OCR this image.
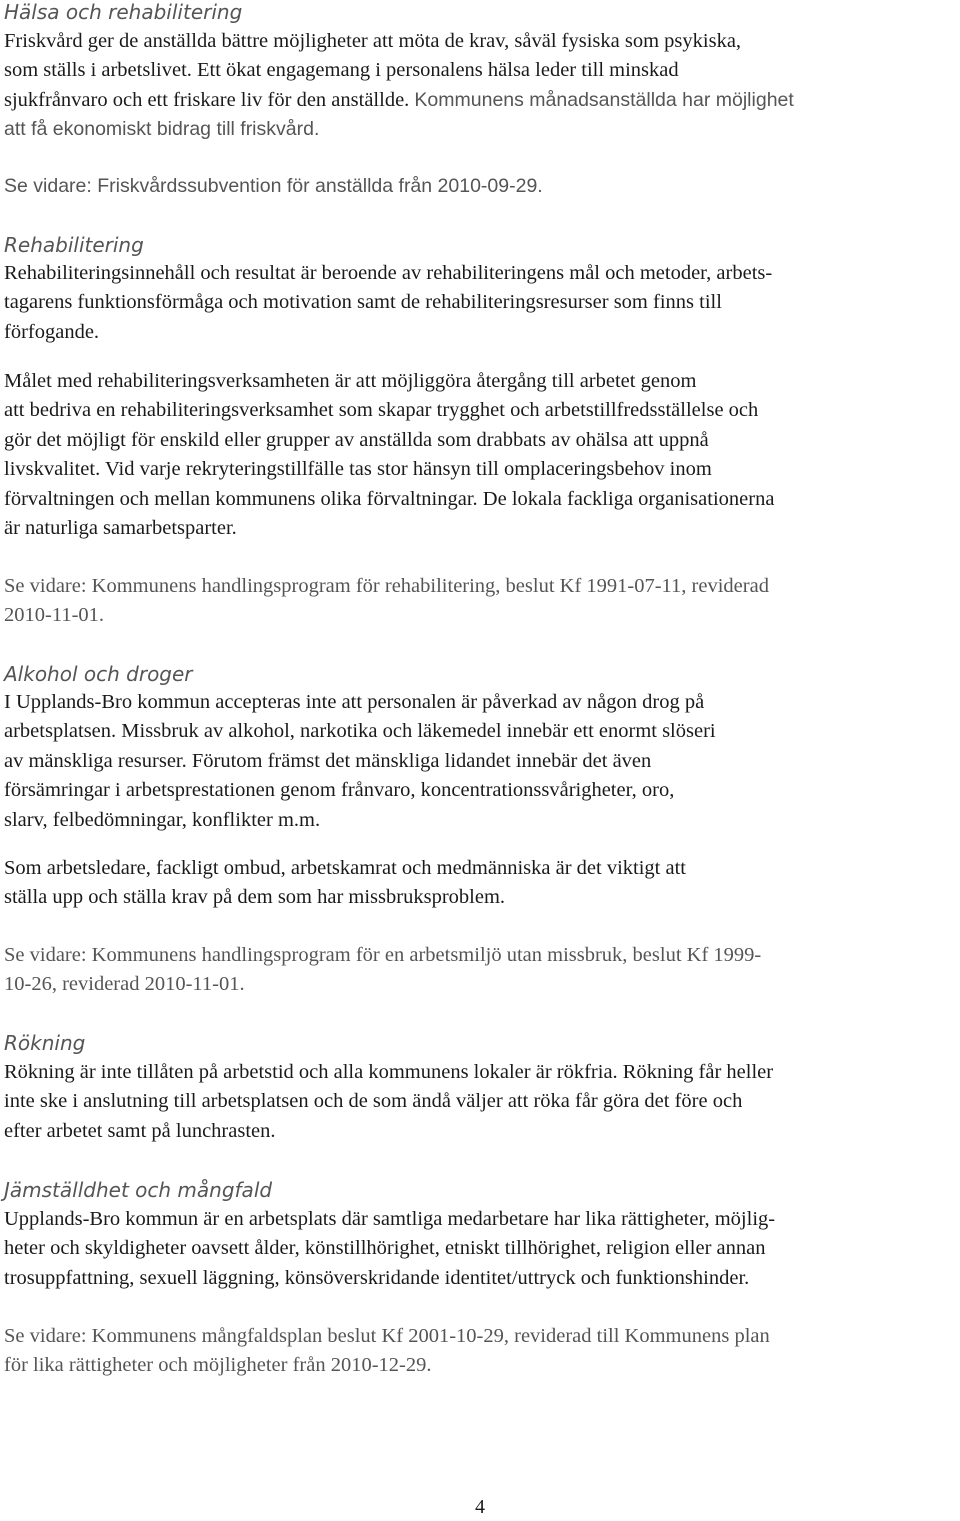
Hälsa och rehabilitering
Friskvård ger de anställda bättre möjligheter att möta de krav, såväl fysiska som psykiska,
som ställs i arbetslivet. Ett ökat engagemang i personalens hälsa leder till minskad
sjukfrånvaro och ett friskare liv för den anställde. Kommunens månadsanställda har möjlighet
att få ekonomiskt bidrag till friskvård.

Se vidare: Friskvårdssubvention för anställda från 2010-09-29.

Rehabilitering
Rehabiliteringsinnehåll och resultat är beroende av rehabiliteringens mål och metoder, arbets-
tagarens funktionsförmåga och motivation samt de rehabiliteringsresurser som finns till
förfogande.
Målet med rehabiliteringsverksamheten är att möjliggöra återgång till arbetet genom
att bedriva en rehabiliteringsverksamhet som skapar trygghet och arbetstillfredsställelse och
gör det möjligt för enskild eller grupper av anställda som drabbats av ohälsa att uppnå
livskvalitet. Vid varje rekryteringstillfälle tas stor hänsyn till omplaceringsbehov inom
förvaltningen och mellan kommunens olika förvaltningar. De lokala fackliga organisationerna
är naturliga samarbetsparter.
Se vidare: Kommunens handlingsprogram för rehabilitering, beslut Kf 1991-07-11, reviderad
2010-11-01.
Alkohol och droger
I Upplands-Bro kommun accepteras inte att personalen är påverkad av någon drog på
arbetsplatsen. Missbruk av alkohol, narkotika och läkemedel innebär ett enormt slöseri
av mänskliga resurser. Förutom främst det mänskliga lidandet innebär det även
försämringar i arbetsprestationen genom frånvaro, koncentrationssvårigheter, oro,
slarv, felbedömningar, konflikter m.m.
Som arbetsledare, fackligt ombud, arbetskamrat och medmänniska är det viktigt att
ställa upp och ställa krav på dem som har missbruksproblem.
Se vidare: Kommunens handlingsprogram för en arbetsmiljö utan missbruk, beslut Kf 1999-
10-26, reviderad 2010-11-01.
Rökning
Rökning är inte tillåten på arbetstid och alla kommunens lokaler är rökfria. Rökning får heller
inte ske i anslutning till arbetsplatsen och de som ändå väljer att röka får göra det före och
efter arbetet samt på lunchrasten.
Jämställdhet och mångfald
Upplands-Bro kommun är en arbetsplats där samtliga medarbetare har lika rättigheter, möjlig-
heter och skyldigheter oavsett ålder, könstillhörighet, etniskt tillhörighet, religion eller annan
trosuppfattning, sexuell läggning, könsöverskridande identitet/uttryck och funktionshinder.
Se vidare: Kommunens mångfaldsplan beslut Kf 2001-10-29, reviderad till Kommunens plan
för lika rättigheter och möjligheter från 2010-12-29.
4
